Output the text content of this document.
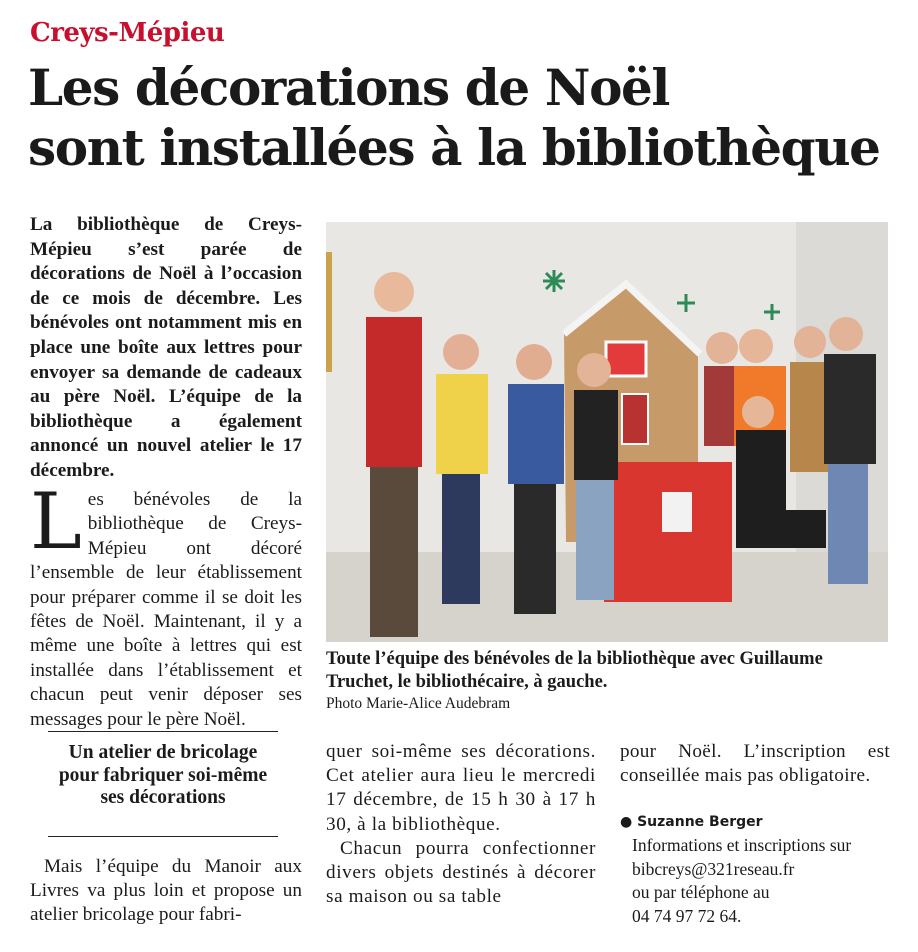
Creys-Mépieu
Les décorations de Noël
sont installées à la bibliothèque
La bibliothèque de Creys-Mépieu s’est parée de décorations de Noël à l’occasion de ce mois de décembre. Les bénévoles ont notamment mis en place une boîte aux lettres pour envoyer sa demande de cadeaux au père Noël. L’équipe de la bibliothèque a également annoncé un nouvel atelier le 17 décembre.
Les bénévoles de la bibliothèque de Creys-Mépieu ont décoré l’ensemble de leur établissement pour préparer comme il se doit les fêtes de Noël. Maintenant, il y a même une boîte à lettres qui est installée dans l’établissement et chacun peut venir déposer ses messages pour le père Noël.
Un atelier de bricolage pour fabriquer soi-même ses décorations
Mais l’équipe du Manoir aux Livres va plus loin et propose un atelier bricolage pour fabri-
quer soi-même ses décorations. Cet atelier aura lieu le mercredi 17 décembre, de 15 h 30 à 17 h 30, à la bibliothèque.
Chacun pourra confectionner divers objets destinés à décorer sa maison ou sa table
pour Noël. L’inscription est conseillée mais pas obligatoire.
● Suzanne Berger
Informations et inscriptions sur
bibcreys@321reseau.fr
ou par téléphone au
04 74 97 72 64.
Toute l’équipe des bénévoles de la bibliothèque avec Guillaume Truchet, le bibliothécaire, à gauche.
Photo Marie-Alice Audebram
